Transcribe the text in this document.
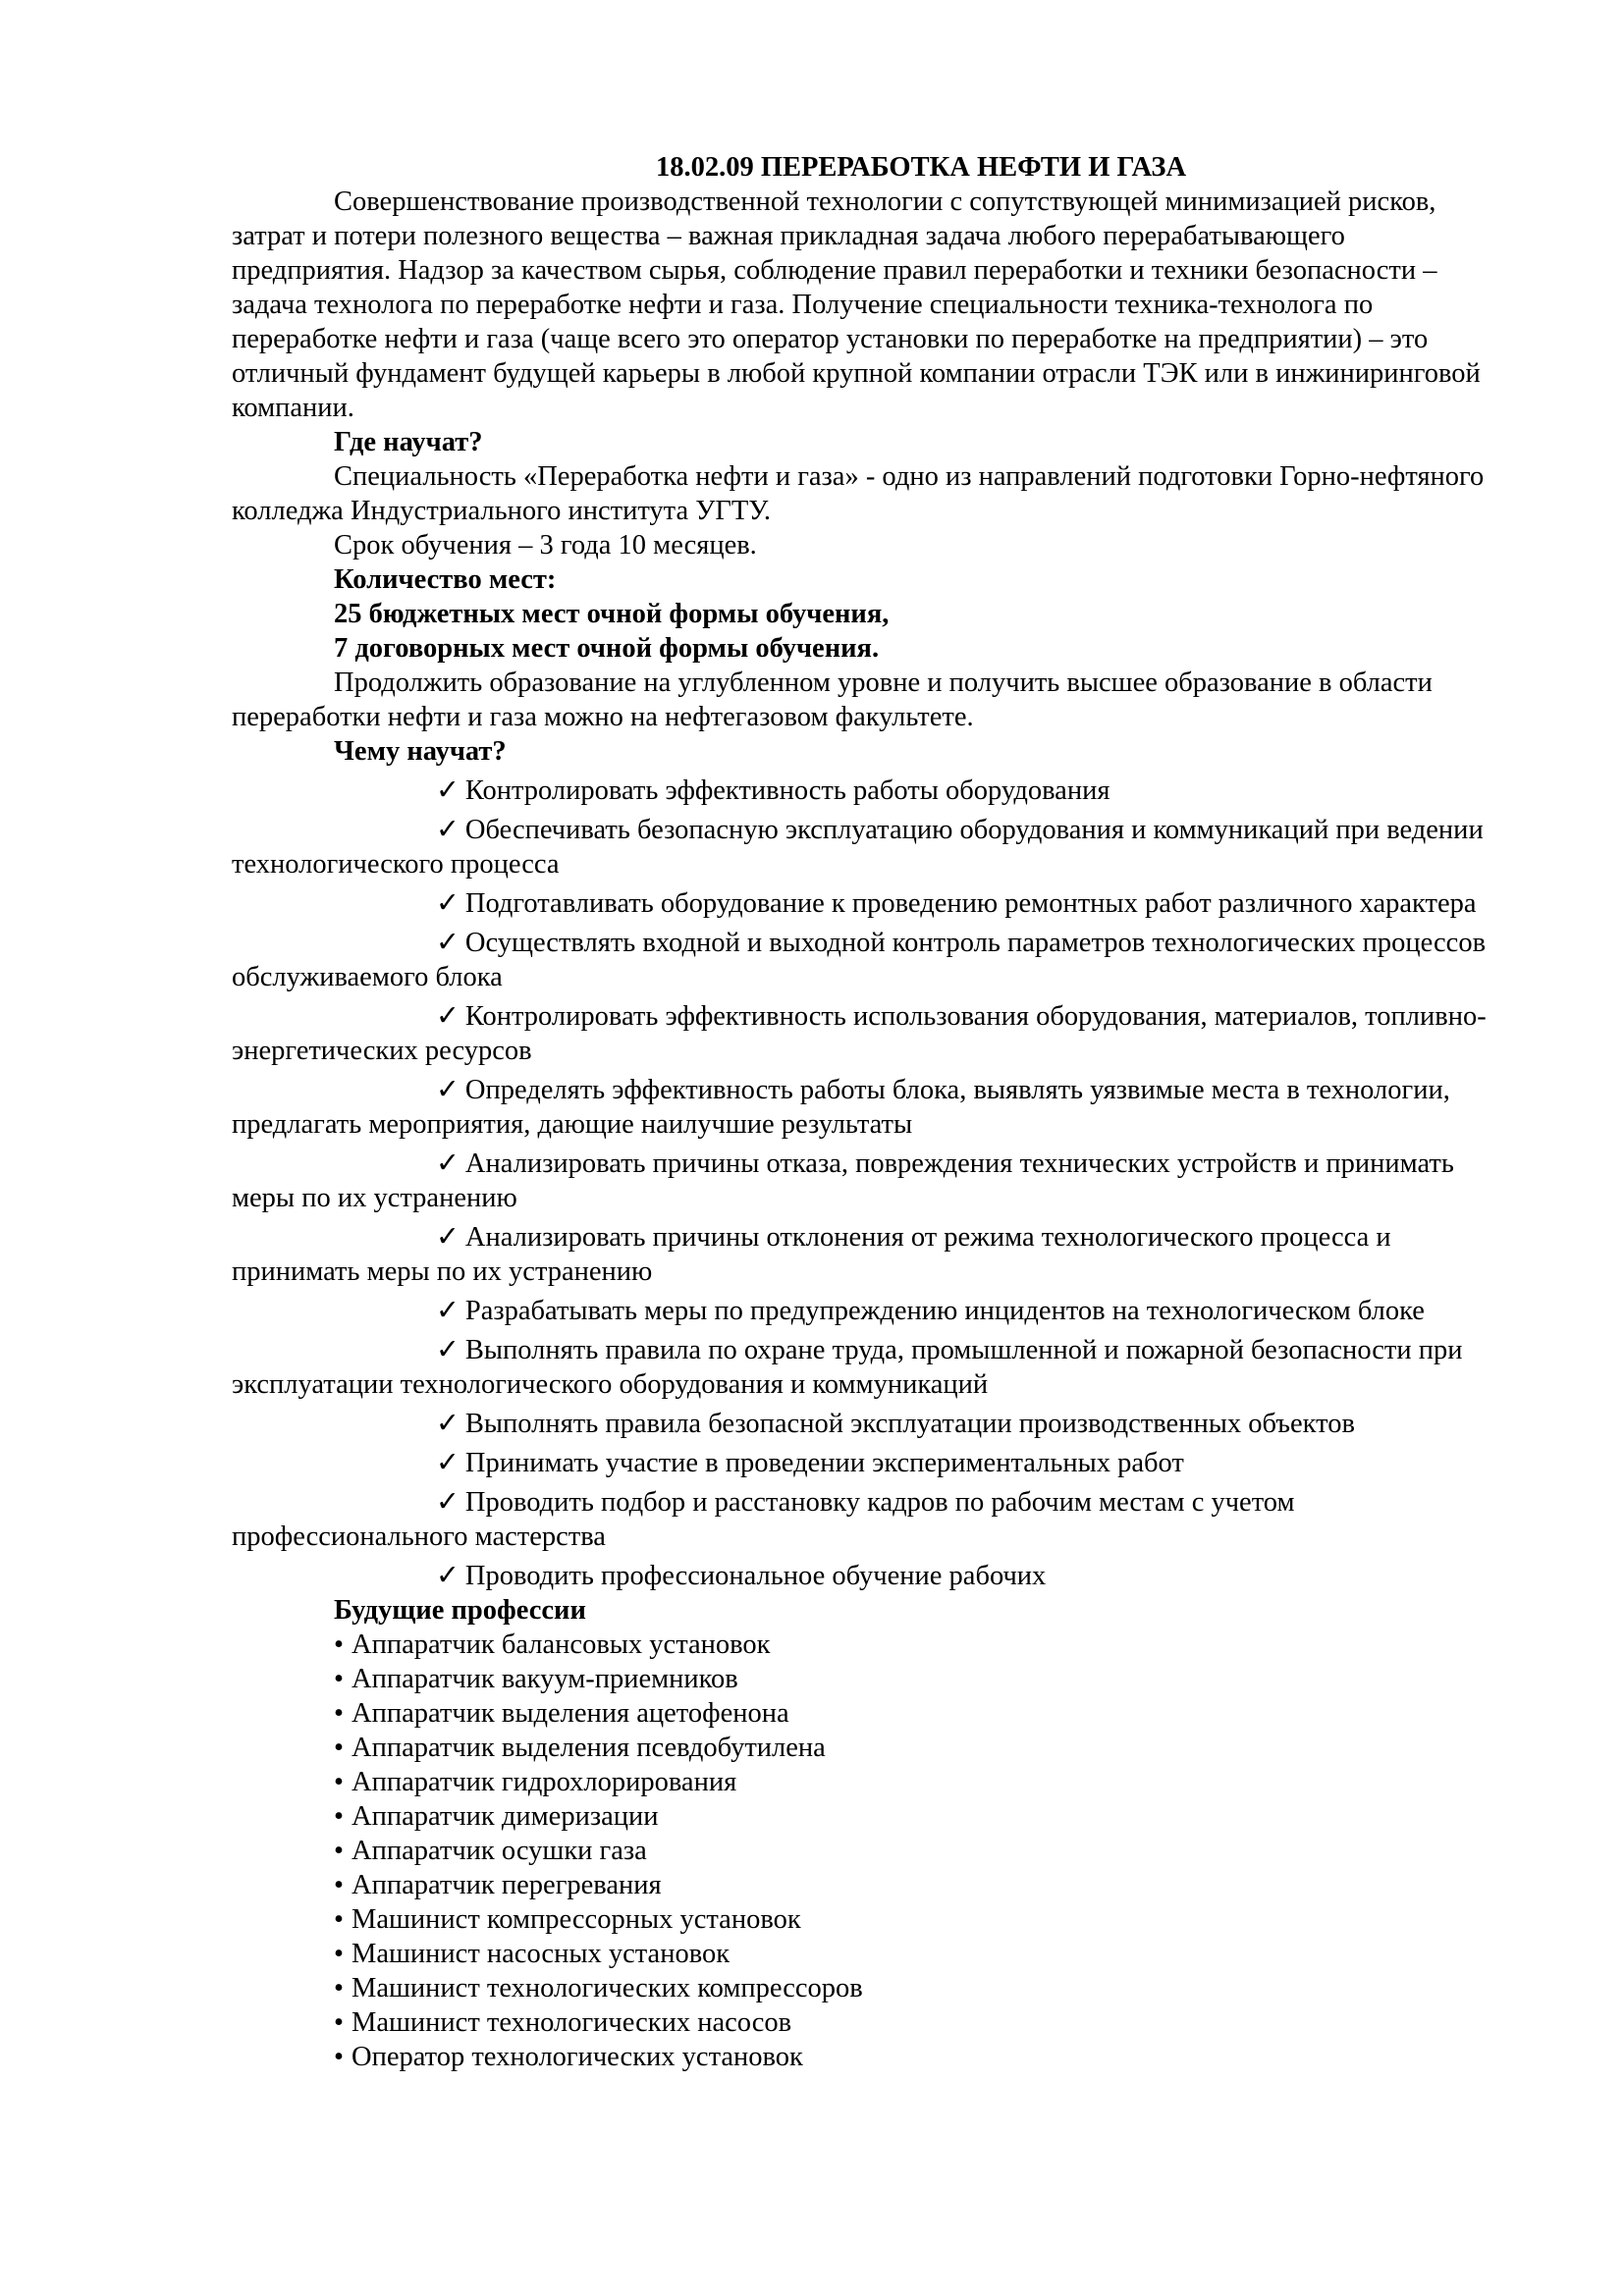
18.02.09 ПЕРЕРАБОТКА НЕФТИ И ГАЗА

Совершенствование производственной технологии с сопутствующей минимизацией рисков, затрат и потери полезного вещества – важная прикладная задача любого перерабатывающего предприятия. Надзор за качеством сырья, соблюдение правил переработки и техники безопасности – задача технолога по переработке нефти и газа. Получение специальности техника-технолога по переработке нефти и газа (чаще всего это оператор установки по переработке на предприятии) – это отличный фундамент будущей карьеры в любой крупной компании отрасли ТЭК или в инжиниринговой компании.

Где научат?

Специальность «Переработка нефти и газа» - одно из направлений подготовки Горно-нефтяного колледжа Индустриального института УГТУ.

Срок обучения – 3 года 10 месяцев.

Количество мест:

25 бюджетных мест очной формы обучения,

7 договорных мест очной формы обучения.

Продолжить образование на углубленном уровне и получить высшее образование в области переработки нефти и газа можно на нефтегазовом факультете.

Чему научат?

✓ Контролировать эффективность работы оборудования

✓ Обеспечивать безопасную эксплуатацию оборудования и коммуникаций при ведении технологического процесса

✓ Подготавливать оборудование к проведению ремонтных работ различного характера

✓ Осуществлять входной и выходной контроль параметров технологических процессов обслуживаемого блока

✓ Контролировать эффективность использования оборудования, материалов, топливно-энергетических ресурсов

✓ Определять эффективность работы блока, выявлять уязвимые места в технологии, предлагать мероприятия, дающие наилучшие результаты

✓ Анализировать причины отказа, повреждения технических устройств и принимать меры по их устранению

✓ Анализировать причины отклонения от режима технологического процесса и принимать меры по их устранению

✓ Разрабатывать меры по предупреждению инцидентов на технологическом блоке

✓ Выполнять правила по охране труда, промышленной и пожарной безопасности при эксплуатации технологического оборудования и коммуникаций

✓ Выполнять правила безопасной эксплуатации производственных объектов

✓ Принимать участие в проведении экспериментальных работ

✓ Проводить подбор и расстановку кадров по рабочим местам с учетом профессионального мастерства

✓ Проводить профессиональное обучение рабочих

Будущие профессии

• Аппаратчик балансовых установок

• Аппаратчик вакуум-приемников

• Аппаратчик выделения ацетофенона

• Аппаратчик выделения псевдобутилена

• Аппаратчик гидрохлорирования

• Аппаратчик димеризации

• Аппаратчик осушки газа

• Аппаратчик перегревания

• Машинист компрессорных установок

• Машинист насосных установок

• Машинист технологических компрессоров

• Машинист технологических насосов

• Оператор технологических установок
